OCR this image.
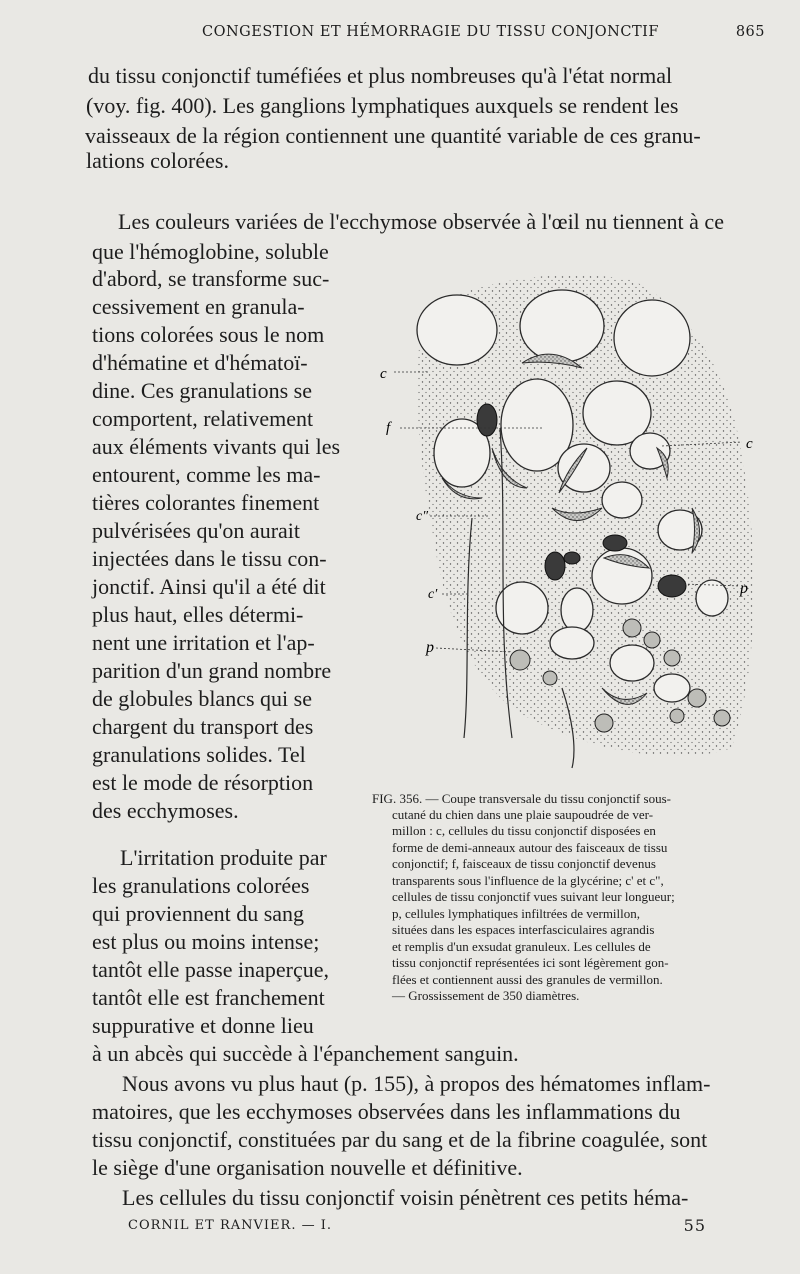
CONGESTION ET HÉMORRAGIE DU TISSU CONJONCTIF	865
du tissu conjonctif tuméfiées et plus nombreuses qu'à l'état normal
(voy. fig. 400). Les ganglions lymphatiques auxquels se rendent les
vaisseaux de la région contiennent une quantité variable de ces granu-
lations colorées.
Les couleurs variées de l'ecchymose observée à l'œil nu tiennent à ce
que l'hémoglobine, soluble
d'abord, se transforme suc-
cessivement en granula-
tions colorées sous le nom
d'hématine et d'hématoï-
dine. Ces granulations se
comportent, relativement
aux éléments vivants qui les
entourent, comme les ma-
tières colorantes finement
pulvérisées qu'on aurait
injectées dans le tissu con-
jonctif. Ainsi qu'il a été dit
plus haut, elles détermi-
nent une irritation et l'ap-
parition d'un grand nombre
de globules blancs qui se
chargent du transport des
granulations solides. Tel
est le mode de résorption
des ecchymoses.
L'irritation produite par
les granulations colorées
qui proviennent du sang
est plus ou moins intense;
tantôt elle passe inaperçue,
tantôt elle est franchement
suppurative et donne lieu
à un abcès qui succède à l'épanchement sanguin.
Nous avons vu plus haut (p. 155), à propos des hématomes inflam-
matoires, que les ecchymoses observées dans les inflammations du
tissu conjonctif, constituées par du sang et de la fibrine coagulée, sont
le siège d'une organisation nouvelle et définitive.
Les cellules du tissu conjonctif voisin pénètrent ces petits héma-
FIG. 356. — Coupe transversale du tissu conjonctif sous-
cutané du chien dans une plaie saupoudrée de ver-
millon : c, cellules du tissu conjonctif disposées en
forme de demi-anneaux autour des faisceaux de tissu
conjonctif; f, faisceaux de tissu conjonctif devenus
transparents sous l'influence de la glycérine; c' et c",
cellules de tissu conjonctif vues suivant leur longueur;
p, cellules lymphatiques infiltrées de vermillon,
situées dans les espaces interfasciculaires agrandis
et remplis d'un exsudat granuleux. Les cellules de
tissu conjonctif représentées ici sont légèrement gon-
flées et contiennent aussi des granules de vermillon.
— Grossissement de 350 diamètres.
c
f
c
c″
c′	p
p
CORNIL ET RANVIER. — I.	55
